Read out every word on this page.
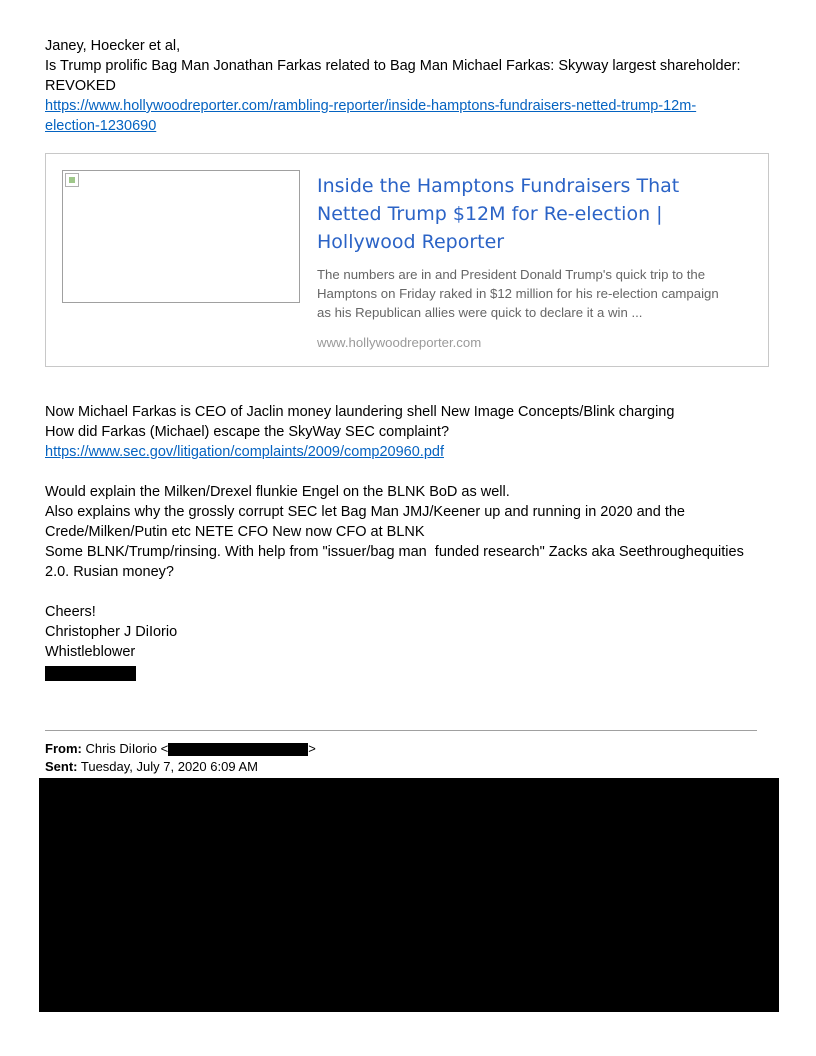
Janey, Hoecker et al,

Is Trump prolific Bag Man Jonathan Farkas related to Bag Man Michael Farkas: Skyway largest shareholder:

REVOKED

https://www.hollywoodreporter.com/rambling-reporter/inside-hamptons-fundraisers-netted-trump-12m-

election-1230690

Inside the Hamptons Fundraisers That Netted Trump $12M for Re-election | Hollywood Reporter
The numbers are in and President Donald Trump's quick trip to the Hamptons on Friday raked in $12 million for his re-election campaign as his Republican allies were quick to declare it a win ...
www.hollywoodreporter.com

Now Michael Farkas is CEO of Jaclin money laundering shell New Image Concepts/Blink charging

How did Farkas (Michael) escape the SkyWay SEC complaint?

https://www.sec.gov/litigation/complaints/2009/comp20960.pdf

Would explain the Milken/Drexel flunkie Engel on the BLNK BoD as well.

Also explains why the grossly corrupt SEC let Bag Man JMJ/Keener up and running in 2020 and the

Crede/Milken/Putin etc NETE CFO New now CFO at BLNK

Some BLNK/Trump/rinsing. With help from "issuer/bag man  funded research" Zacks aka Seethroughequities

2.0. Rusian money?

Cheers!

Christopher J DiIorio

Whistleblower

From: Chris DiIorio <	>
Sent: Tuesday, July 7, 2020 6:09 AM
